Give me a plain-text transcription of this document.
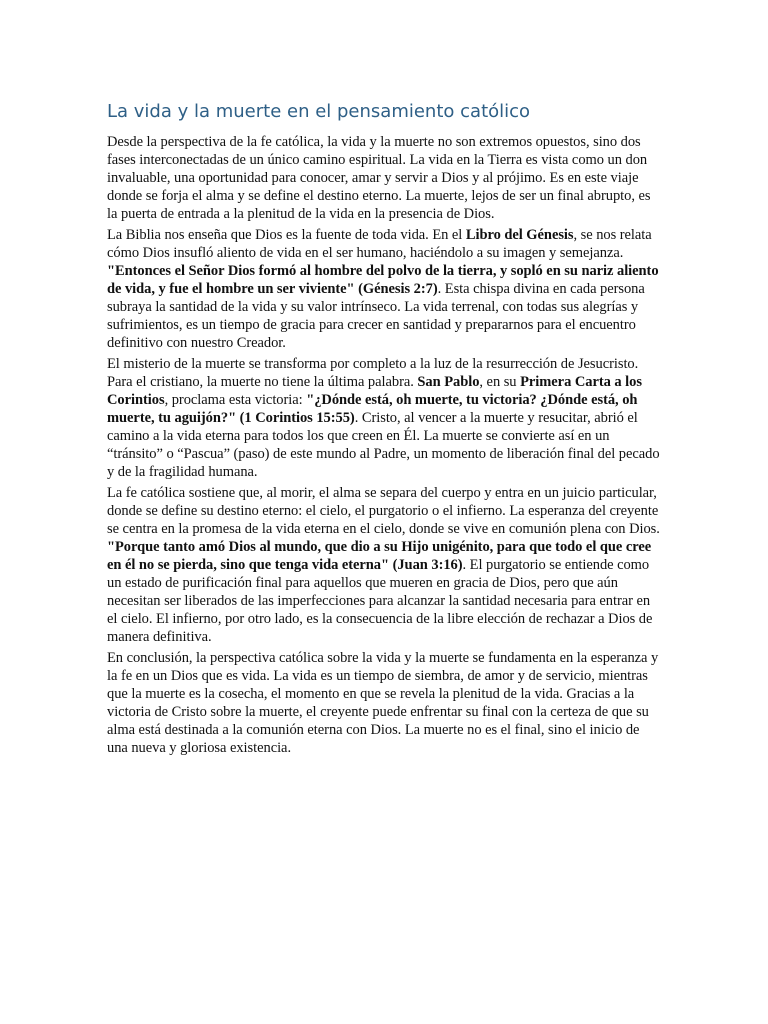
La vida y la muerte en el pensamiento católico

Desde la perspectiva de la fe católica, la vida y la muerte no son extremos opuestos, sino dos fases interconectadas de un único camino espiritual. La vida en la Tierra es vista como un don invaluable, una oportunidad para conocer, amar y servir a Dios y al prójimo. Es en este viaje donde se forja el alma y se define el destino eterno. La muerte, lejos de ser un final abrupto, es la puerta de entrada a la plenitud de la vida en la presencia de Dios.

La Biblia nos enseña que Dios es la fuente de toda vida. En el Libro del Génesis, se nos relata cómo Dios insufló aliento de vida en el ser humano, haciéndolo a su imagen y semejanza. "Entonces el Señor Dios formó al hombre del polvo de la tierra, y sopló en su nariz aliento de vida, y fue el hombre un ser viviente" (Génesis 2:7). Esta chispa divina en cada persona subraya la santidad de la vida y su valor intrínseco. La vida terrenal, con todas sus alegrías y sufrimientos, es un tiempo de gracia para crecer en santidad y prepararnos para el encuentro definitivo con nuestro Creador.

El misterio de la muerte se transforma por completo a la luz de la resurrección de Jesucristo. Para el cristiano, la muerte no tiene la última palabra. San Pablo, en su Primera Carta a los Corintios, proclama esta victoria: "¿Dónde está, oh muerte, tu victoria? ¿Dónde está, oh muerte, tu aguijón?" (1 Corintios 15:55). Cristo, al vencer a la muerte y resucitar, abrió el camino a la vida eterna para todos los que creen en Él. La muerte se convierte así en un “tránsito” o “Pascua” (paso) de este mundo al Padre, un momento de liberación final del pecado y de la fragilidad humana.

La fe católica sostiene que, al morir, el alma se separa del cuerpo y entra en un juicio particular, donde se define su destino eterno: el cielo, el purgatorio o el infierno. La esperanza del creyente se centra en la promesa de la vida eterna en el cielo, donde se vive en comunión plena con Dios. "Porque tanto amó Dios al mundo, que dio a su Hijo unigénito, para que todo el que cree en él no se pierda, sino que tenga vida eterna" (Juan 3:16). El purgatorio se entiende como un estado de purificación final para aquellos que mueren en gracia de Dios, pero que aún necesitan ser liberados de las imperfecciones para alcanzar la santidad necesaria para entrar en el cielo. El infierno, por otro lado, es la consecuencia de la libre elección de rechazar a Dios de manera definitiva.

En conclusión, la perspectiva católica sobre la vida y la muerte se fundamenta en la esperanza y la fe en un Dios que es vida. La vida es un tiempo de siembra, de amor y de servicio, mientras que la muerte es la cosecha, el momento en que se revela la plenitud de la vida. Gracias a la victoria de Cristo sobre la muerte, el creyente puede enfrentar su final con la certeza de que su alma está destinada a la comunión eterna con Dios. La muerte no es el final, sino el inicio de una nueva y gloriosa existencia.
